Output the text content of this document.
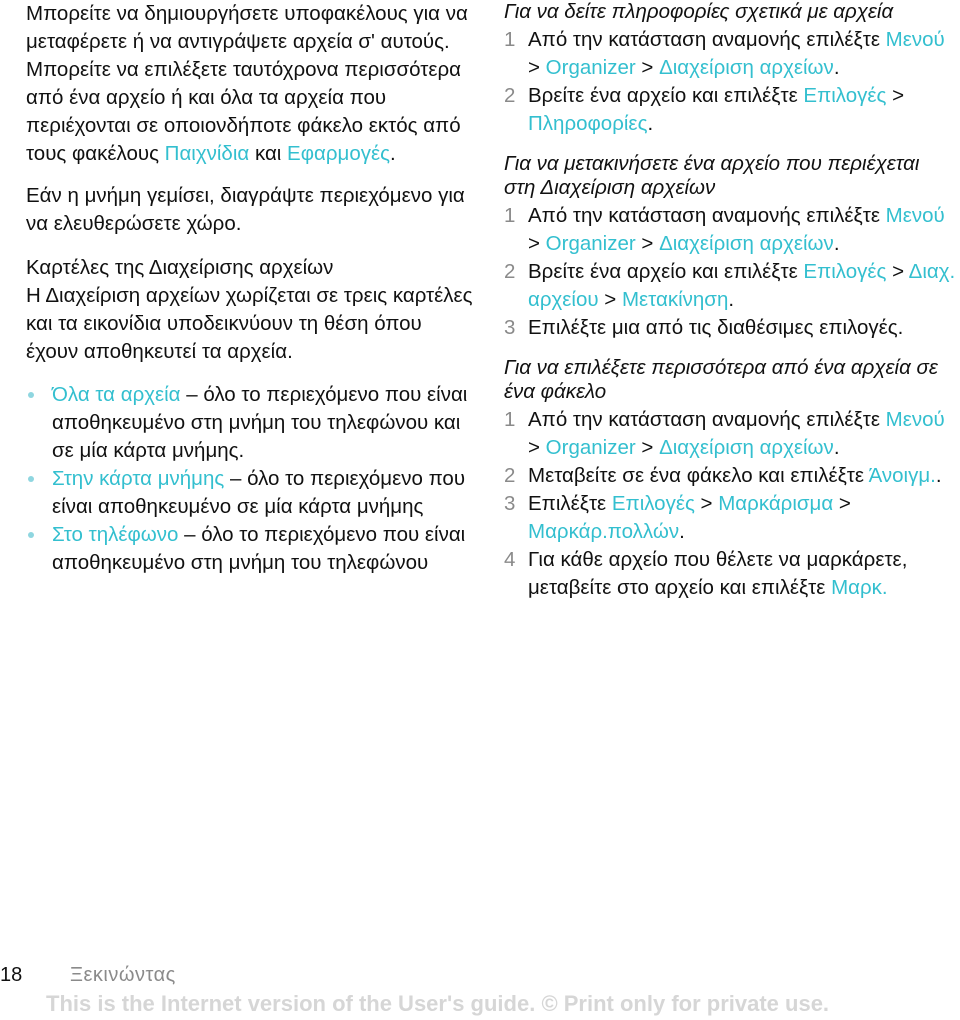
Μπορείτε να δημιουργήσετε υποφακέλους για να μεταφέρετε ή να αντιγράψετε αρχεία σ' αυτούς. Μπορείτε να επιλέξετε ταυτόχρονα περισσότερα από ένα αρχείο ή και όλα τα αρχεία που περιέχονται σε οποιονδήποτε φάκελο εκτός από τους φακέλους Παιχνίδια και Εφαρμογές.

Εάν η μνήμη γεμίσει, διαγράψτε περιεχόμενο για να ελευθερώσετε χώρο.

Καρτέλες της Διαχείρισης αρχείων

Η Διαχείριση αρχείων χωρίζεται σε τρεις καρτέλες και τα εικονίδια υποδεικνύουν τη θέση όπου έχουν αποθηκευτεί τα αρχεία.

Όλα τα αρχεία – όλο το περιεχόμενο που είναι αποθηκευμένο στη μνήμη του τηλεφώνου και σε μία κάρτα μνήμης.
Στην κάρτα μνήμης – όλο το περιεχόμενο που είναι αποθηκευμένο σε μία κάρτα μνήμης
Στο τηλέφωνο – όλο το περιεχόμενο που είναι αποθηκευμένο στη μνήμη του τηλεφώνου
Για να δείτε πληροφορίες σχετικά με αρχεία
1 Από την κατάσταση αναμονής επιλέξτε Μενού > Organizer > Διαχείριση αρχείων.
2 Βρείτε ένα αρχείο και επιλέξτε Επιλογές > Πληροφορίες.
Για να μετακινήσετε ένα αρχείο που περιέχεται στη Διαχείριση αρχείων
1 Από την κατάσταση αναμονής επιλέξτε Μενού > Organizer > Διαχείριση αρχείων.
2 Βρείτε ένα αρχείο και επιλέξτε Επιλογές > Διαχ. αρχείου > Μετακίνηση.
3 Επιλέξτε μια από τις διαθέσιμες επιλογές.
Για να επιλέξετε περισσότερα από ένα αρχεία σε ένα φάκελο
1 Από την κατάσταση αναμονής επιλέξτε Μενού > Organizer > Διαχείριση αρχείων.
2 Μεταβείτε σε ένα φάκελο και επιλέξτε Άνοιγμ..
3 Επιλέξτε Επιλογές > Μαρκάρισμα > Μαρκάρ.πολλών.
4 Για κάθε αρχείο που θέλετε να μαρκάρετε, μεταβείτε στο αρχείο και επιλέξτε Μαρκ.
18 Ξεκινώντας
This is the Internet version of the User's guide. © Print only for private use.
